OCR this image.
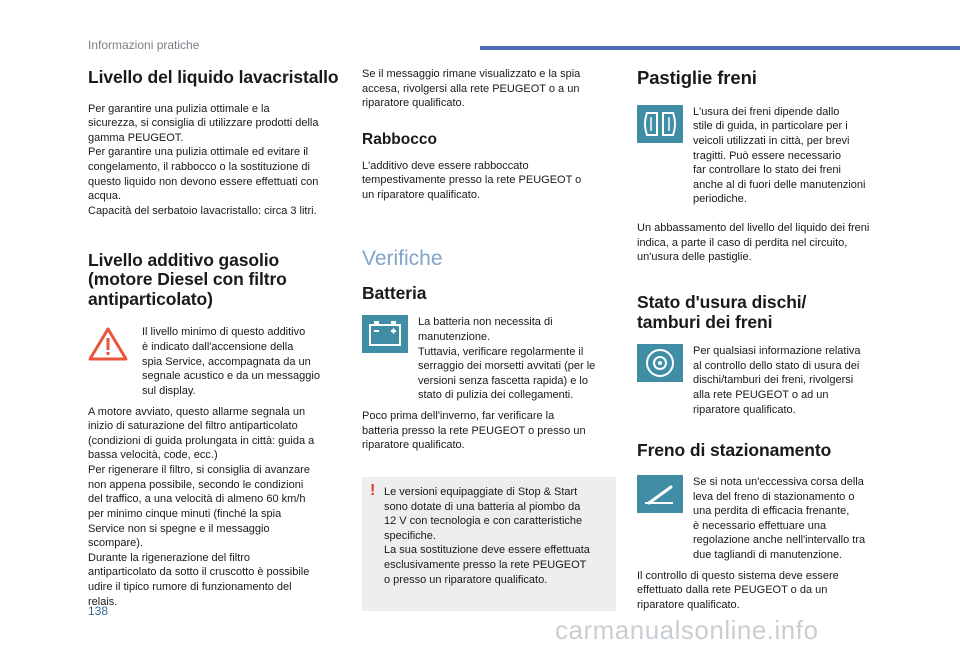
Informazioni pratiche
Livello del liquido lavacristallo

Per garantire una pulizia ottimale e la
sicurezza, si consiglia di utilizzare prodotti della
gamma PEUGEOT.
Per garantire una pulizia ottimale ed evitare il
congelamento, il rabbocco o la sostituzione di
questo liquido non devono essere effettuati con
acqua.
Capacità del serbatoio lavacristallo: circa 3 litri.

Livello additivo gasolio
(motore Diesel con filtro
antiparticolato)

Il livello minimo di questo additivo
è indicato dall'accensione della
spia Service, accompagnata da un
segnale acustico e da un messaggio
sul display.

A motore avviato, questo allarme segnala un
inizio di saturazione del filtro antiparticolato
(condizioni di guida prolungata in città: guida a
bassa velocità, code, ecc.)
Per rigenerare il filtro, si consiglia di avanzare
non appena possibile, secondo le condizioni
del traffico, a una velocità di almeno 60 km/h
per minimo cinque minuti (finché la spia
Service non si spegne e il messaggio
scompare).
Durante la rigenerazione del filtro
antiparticolato da sotto il cruscotto è possibile
udire il tipico rumore di funzionamento del
relais.

Se il messaggio rimane visualizzato e la spia
accesa, rivolgersi alla rete PEUGEOT o a un
riparatore qualificato.

Rabbocco

L'additivo deve essere rabboccato
tempestivamente presso la rete PEUGEOT o
un riparatore qualificato.

Verifiche
Batteria

La batteria non necessita di
manutenzione.
Tuttavia, verificare regolarmente il
serraggio dei morsetti avvitati (per le
versioni senza fascetta rapida) e lo
stato di pulizia dei collegamenti.

Poco prima dell'inverno, far verificare la
batteria presso la rete PEUGEOT o presso un
riparatore qualificato.

! Le versioni equipaggiate di Stop & Start
sono dotate di una batteria al piombo da
12 V con tecnologia e con caratteristiche
specifiche.
La sua sostituzione deve essere effettuata
esclusivamente presso la rete PEUGEOT
o presso un riparatore qualificato.

Pastiglie freni

L'usura dei freni dipende dallo
stile di guida, in particolare per i
veicoli utilizzati in città, per brevi
tragitti. Può essere necessario
far controllare lo stato dei freni
anche al di fuori delle manutenzioni
periodiche.

Un abbassamento del livello del liquido dei freni
indica, a parte il caso di perdita nel circuito,
un'usura delle pastiglie.

Stato d'usura dischi/
tamburi dei freni

Per qualsiasi informazione relativa
al controllo dello stato di usura dei
dischi/tamburi dei freni, rivolgersi
alla rete PEUGEOT o ad un
riparatore qualificato.

Freno di stazionamento

Se si nota un'eccessiva corsa della
leva del freno di stazionamento o
una perdita di efficacia frenante,
è necessario effettuare una
regolazione anche nell'intervallo tra
due tagliandi di manutenzione.

Il controllo di questo sistema deve essere
effettuato dalla rete PEUGEOT o da un
riparatore qualificato.

138
carmanualsonline.info
